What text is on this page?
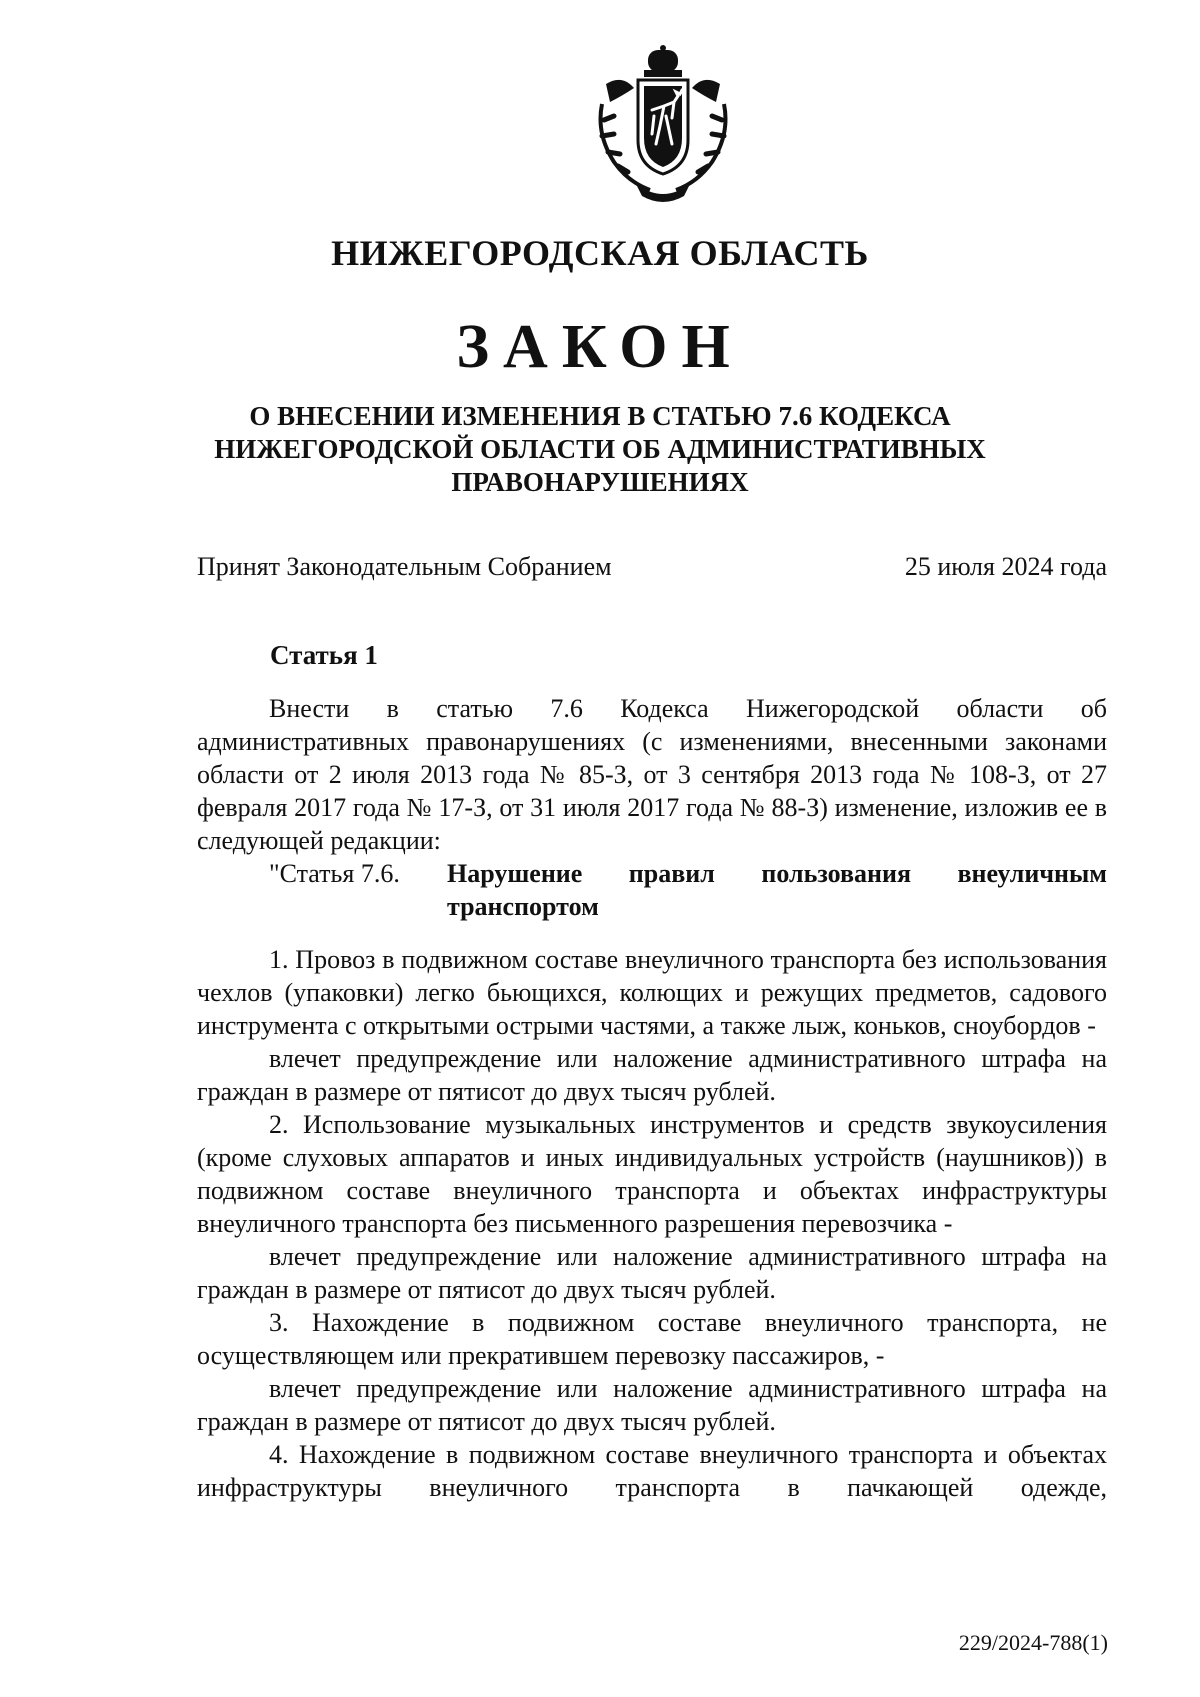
НИЖЕГОРОДСКАЯ ОБЛАСТЬ
ЗАКОН
О ВНЕСЕНИИ ИЗМЕНЕНИЯ В СТАТЬЮ 7.6 КОДЕКСА
НИЖЕГОРОДСКОЙ ОБЛАСТИ ОБ АДМИНИСТРАТИВНЫХ
ПРАВОНАРУШЕНИЯХ
Принят Законодательным Собранием	25 июля 2024 года
Статья 1

Внести в статью 7.6 Кодекса Нижегородской области об административных правонарушениях (с изменениями, внесенными законами области от 2 июля 2013 года № 85-З, от 3 сентября 2013 года № 108-З, от 27 февраля 2017 года № 17-З, от 31 июля 2017 года № 88-З) изменение, изложив ее в следующей редакции:

"Статья 7.6.	Нарушение правил пользования внеуличным транспортом

1. Провоз в подвижном составе внеуличного транспорта без использования чехлов (упаковки) легко бьющихся, колющих и режущих предметов, садового инструмента с открытыми острыми частями, а также лыж, коньков, сноубордов -

влечет предупреждение или наложение административного штрафа на граждан в размере от пятисот до двух тысяч рублей.

2. Использование музыкальных инструментов и средств звукоусиления (кроме слуховых аппаратов и иных индивидуальных устройств (наушников)) в подвижном составе внеуличного транспорта и объектах инфраструктуры внеуличного транспорта без письменного разрешения перевозчика -

влечет предупреждение или наложение административного штрафа на граждан в размере от пятисот до двух тысяч рублей.

3. Нахождение в подвижном составе внеуличного транспорта, не осуществляющем или прекратившем перевозку пассажиров, -

влечет предупреждение или наложение административного штрафа на граждан в размере от пятисот до двух тысяч рублей.

4. Нахождение в подвижном составе внеуличного транспорта и объектах инфраструктуры внеуличного транспорта в пачкающей одежде,

229/2024-788(1)
